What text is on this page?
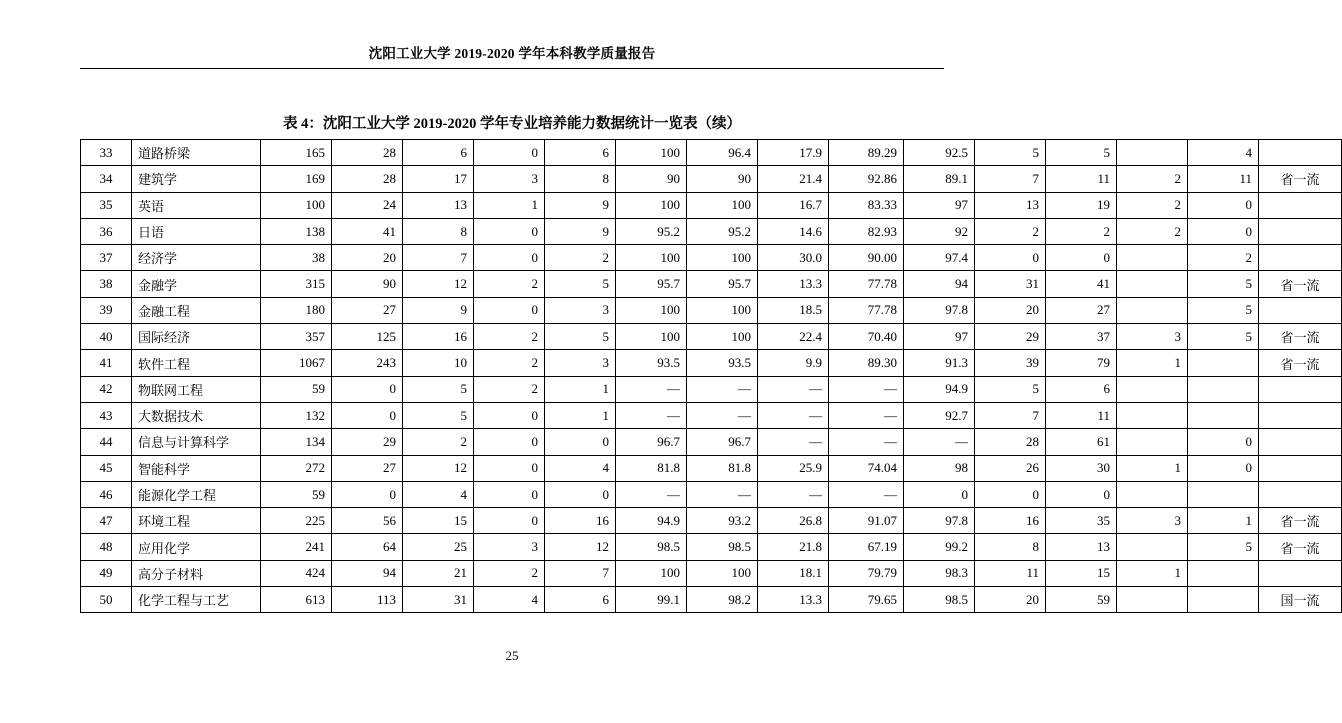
沈阳工业大学 2019-2020 学年本科教学质量报告
表 4：沈阳工业大学 2019-2020 学年专业培养能力数据统计一览表（续）
33	道路桥梁	165	28	6	0	6	100	96.4	17.9	89.29	92.5	5	5		4	
34	建筑学	169	28	17	3	8	90	90	21.4	92.86	89.1	7	11	2	11	省一流
35	英语	100	24	13	1	9	100	100	16.7	83.33	97	13	19	2	0	
36	日语	138	41	8	0	9	95.2	95.2	14.6	82.93	92	2	2	2	0	
37	经济学	38	20	7	0	2	100	100	30.0	90.00	97.4	0	0		2	
38	金融学	315	90	12	2	5	95.7	95.7	13.3	77.78	94	31	41		5	省一流
39	金融工程	180	27	9	0	3	100	100	18.5	77.78	97.8	20	27		5	
40	国际经济	357	125	16	2	5	100	100	22.4	70.40	97	29	37	3	5	省一流
41	软件工程	1067	243	10	2	3	93.5	93.5	9.9	89.30	91.3	39	79	1		省一流
42	物联网工程	59	0	5	2	1	—	—	—	—	94.9	5	6			
43	大数据技术	132	0	5	0	1	—	—	—	—	92.7	7	11			
44	信息与计算科学	134	29	2	0	0	96.7	96.7	—	—	—	28	61		0	
45	智能科学	272	27	12	0	4	81.8	81.8	25.9	74.04	98	26	30	1	0	
46	能源化学工程	59	0	4	0	0	—	—	—	—	0	0	0			
47	环境工程	225	56	15	0	16	94.9	93.2	26.8	91.07	97.8	16	35	3	1	省一流
48	应用化学	241	64	25	3	12	98.5	98.5	21.8	67.19	99.2	8	13		5	省一流
49	高分子材料	424	94	21	2	7	100	100	18.1	79.79	98.3	11	15	1		
50	化学工程与工艺	613	113	31	4	6	99.1	98.2	13.3	79.65	98.5	20	59			国一流
25
